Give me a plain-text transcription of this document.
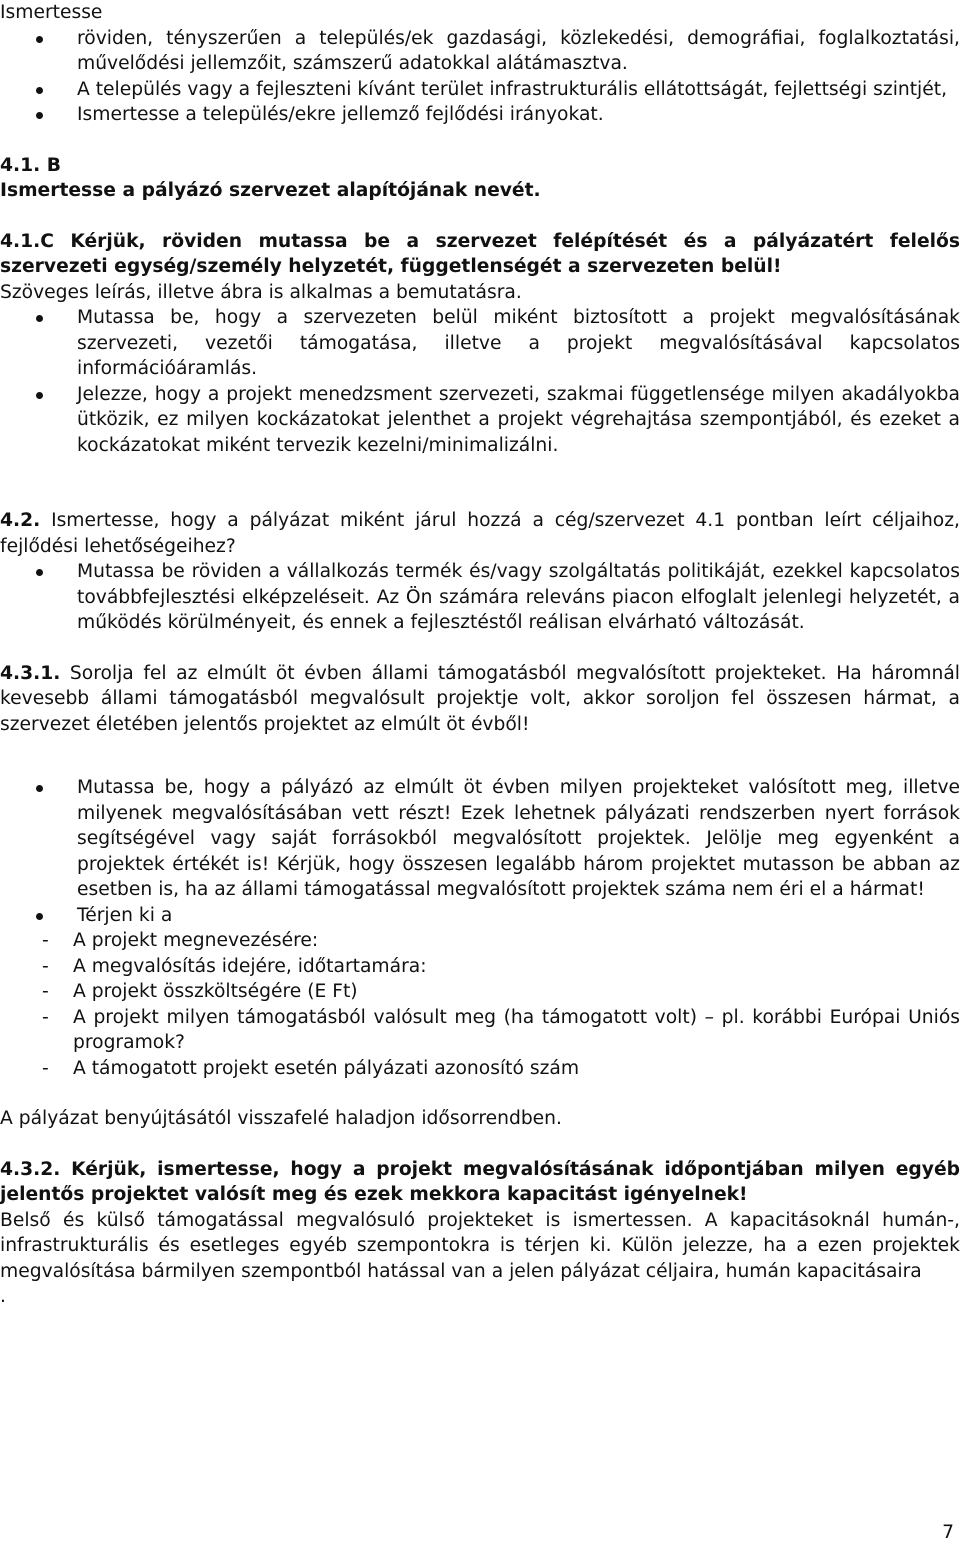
Ismertesse

röviden, tényszerűen a település/ek gazdasági, közlekedési, demográfiai, foglalkoztatási, művelődési jellemzőit, számszerű adatokkal alátámasztva.
A település vagy a fejleszteni kívánt terület infrastrukturális ellátottságát, fejlettségi szintjét,
Ismertesse a település/ekre jellemző fejlődési irányokat.

4.1. B

Ismertesse a pályázó szervezet alapítójának nevét.

4.1.C Kérjük, röviden mutassa be a szervezet felépítését és a pályázatért felelős szervezeti egység/személy helyzetét, függetlenségét a szervezeten belül!

Szöveges leírás, illetve ábra is alkalmas a bemutatásra.

Mutassa be, hogy a szervezeten belül miként biztosított a projekt megvalósításának szervezeti, vezetői támogatása, illetve a projekt megvalósításával kapcsolatos információáramlás.
Jelezze, hogy a projekt menedzsment szervezeti, szakmai függetlensége milyen akadályokba ütközik, ez milyen kockázatokat jelenthet a projekt végrehajtása szempontjából, és ezeket a kockázatokat miként tervezik kezelni/minimalizálni.

4.2. Ismertesse, hogy a pályázat miként járul hozzá a cég/szervezet 4.1 pontban leírt céljaihoz, fejlődési lehetőségeihez?

Mutassa be röviden a vállalkozás termék és/vagy szolgáltatás politikáját, ezekkel kapcsolatos továbbfejlesztési elképzeléseit. Az Ön számára releváns piacon elfoglalt jelenlegi helyzetét, a működés körülményeit, és ennek a fejlesztéstől reálisan elvárható változását.

4.3.1. Sorolja fel az elmúlt öt évben állami támogatásból megvalósított projekteket. Ha háromnál kevesebb állami támogatásból megvalósult projektje volt, akkor soroljon fel összesen hármat, a szervezet életében jelentős projektet az elmúlt öt évből!

Mutassa be, hogy a pályázó az elmúlt öt évben milyen projekteket valósított meg, illetve milyenek megvalósításában vett részt! Ezek lehetnek pályázati rendszerben nyert források segítségével vagy saját forrásokból megvalósított projektek. Jelölje meg egyenként a projektek értékét is! Kérjük, hogy összesen legalább három projektet mutasson be abban az esetben is, ha az állami támogatással megvalósított projektek száma nem éri el a hármat!
Térjen ki a
- A projekt megnevezésére:
- A megvalósítás idejére, időtartamára:
- A projekt összköltségére (E Ft)
- A projekt milyen támogatásból valósult meg (ha támogatott volt) – pl. korábbi Európai Uniós programok?
- A támogatott projekt esetén pályázati azonosító szám

A pályázat benyújtásától visszafelé haladjon idősorrendben.

4.3.2. Kérjük, ismertesse, hogy a projekt megvalósításának időpontjában milyen egyéb jelentős projektet valósít meg és ezek mekkora kapacitást igényelnek!

Belső és külső támogatással megvalósuló projekteket is ismertessen. A kapacitásoknál humán-, infrastrukturális és esetleges egyéb szempontokra is térjen ki. Külön jelezze, ha a ezen projektek megvalósítása bármilyen szempontból hatással van a jelen pályázat céljaira, humán kapacitásaira

.

7
